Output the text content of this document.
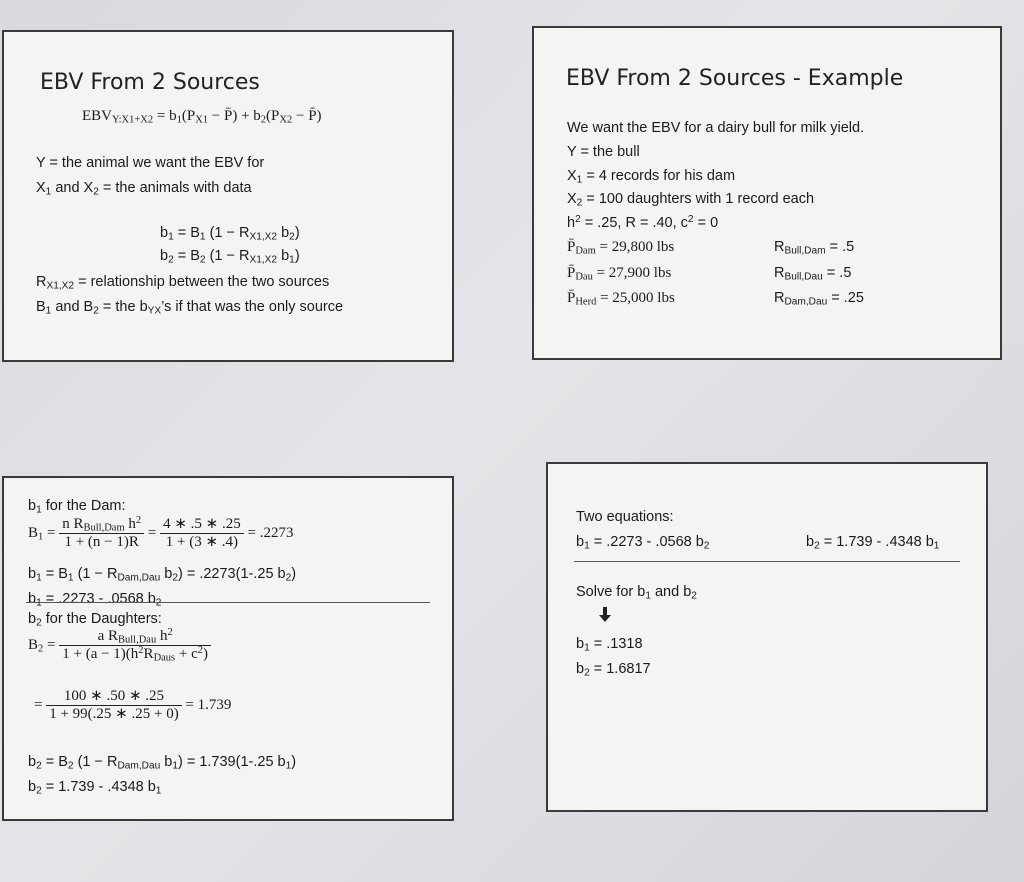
EBV From 2 Sources
$EBV_{Y:X1+X2} = b_1(P_{X1}$ − P̄) + $b_2(P_{X2}$ − P̄)
Y = the animal we want the EBV for
$X_1$ and $X_2$ = the animals with data
$b_1 = B_1$ ($1 - R_{X1,X2}$ $b_2$)
$b_2 = B_2$ ($1 - R_{X1,X2}$ $b_1$)
$R_{X1,X2}$ = relationship between the two sources
$B_1$ and $B_2$ = the $b_{YX}’s$ if that was the only source
EBV From 2 Sources - Example
We want the EBV for a dairy bull for milk yield.
Y = the bull
$X_1 = 4$ records for his dam
$X_2 = 100$ daughters with 1 record each
$h^2 = .25$, R = .40, $c^2 = 0$
$P̄_{Dam} = 29,800$ lbs
$P̄_{Dau} = 27,900$ lbs
$P̄_{Herd} = 25,000$ lbs
$R_{Bull,Dam} = .5$
$R_{Bull,Dau} = .5$
$R_{Dam,Dau} = .25$
$b_1$ for the Dam:
$B_1 = \frac{n R_{Bull,Dam} h^2}{1 + (n - 1)R} = \frac{4 ∗ .5 ∗ .25}{1 + (3 ∗ .4)} = .2273$
$b_1 = B_1$ ($1 - R_{Dam,Dau}$ $b_2) = .2273(1-.25$ $b_2$)
$b_1 = .2273 - .0568$ $b_2$
$b_2$ for the Daughters:
$B_2 = \frac{a R_{Bull,Dau} h^2}{1 + (a - 1)(h^2R_{Daus} + c^2)}$
= $\frac{100 ∗ .50 ∗ .25}{1 + 99(.25 ∗ .25 + 0)} = 1.739$
$b_2 = B_2$ ($1 - R_{Dam,Dau}$ $b_1) = 1.739(1-.25$ $b_1$)
$b_2 = 1.739 - .4348$ $b_1$
Two equations:
$b_1 = .2273 - .0568$ $b_2$	$b_2 = 1.739 - .4348$ $b_1$
Solve for $b_1$ and $b_2$
$b_1 = .1318$
$b_2 = 1.6817$
